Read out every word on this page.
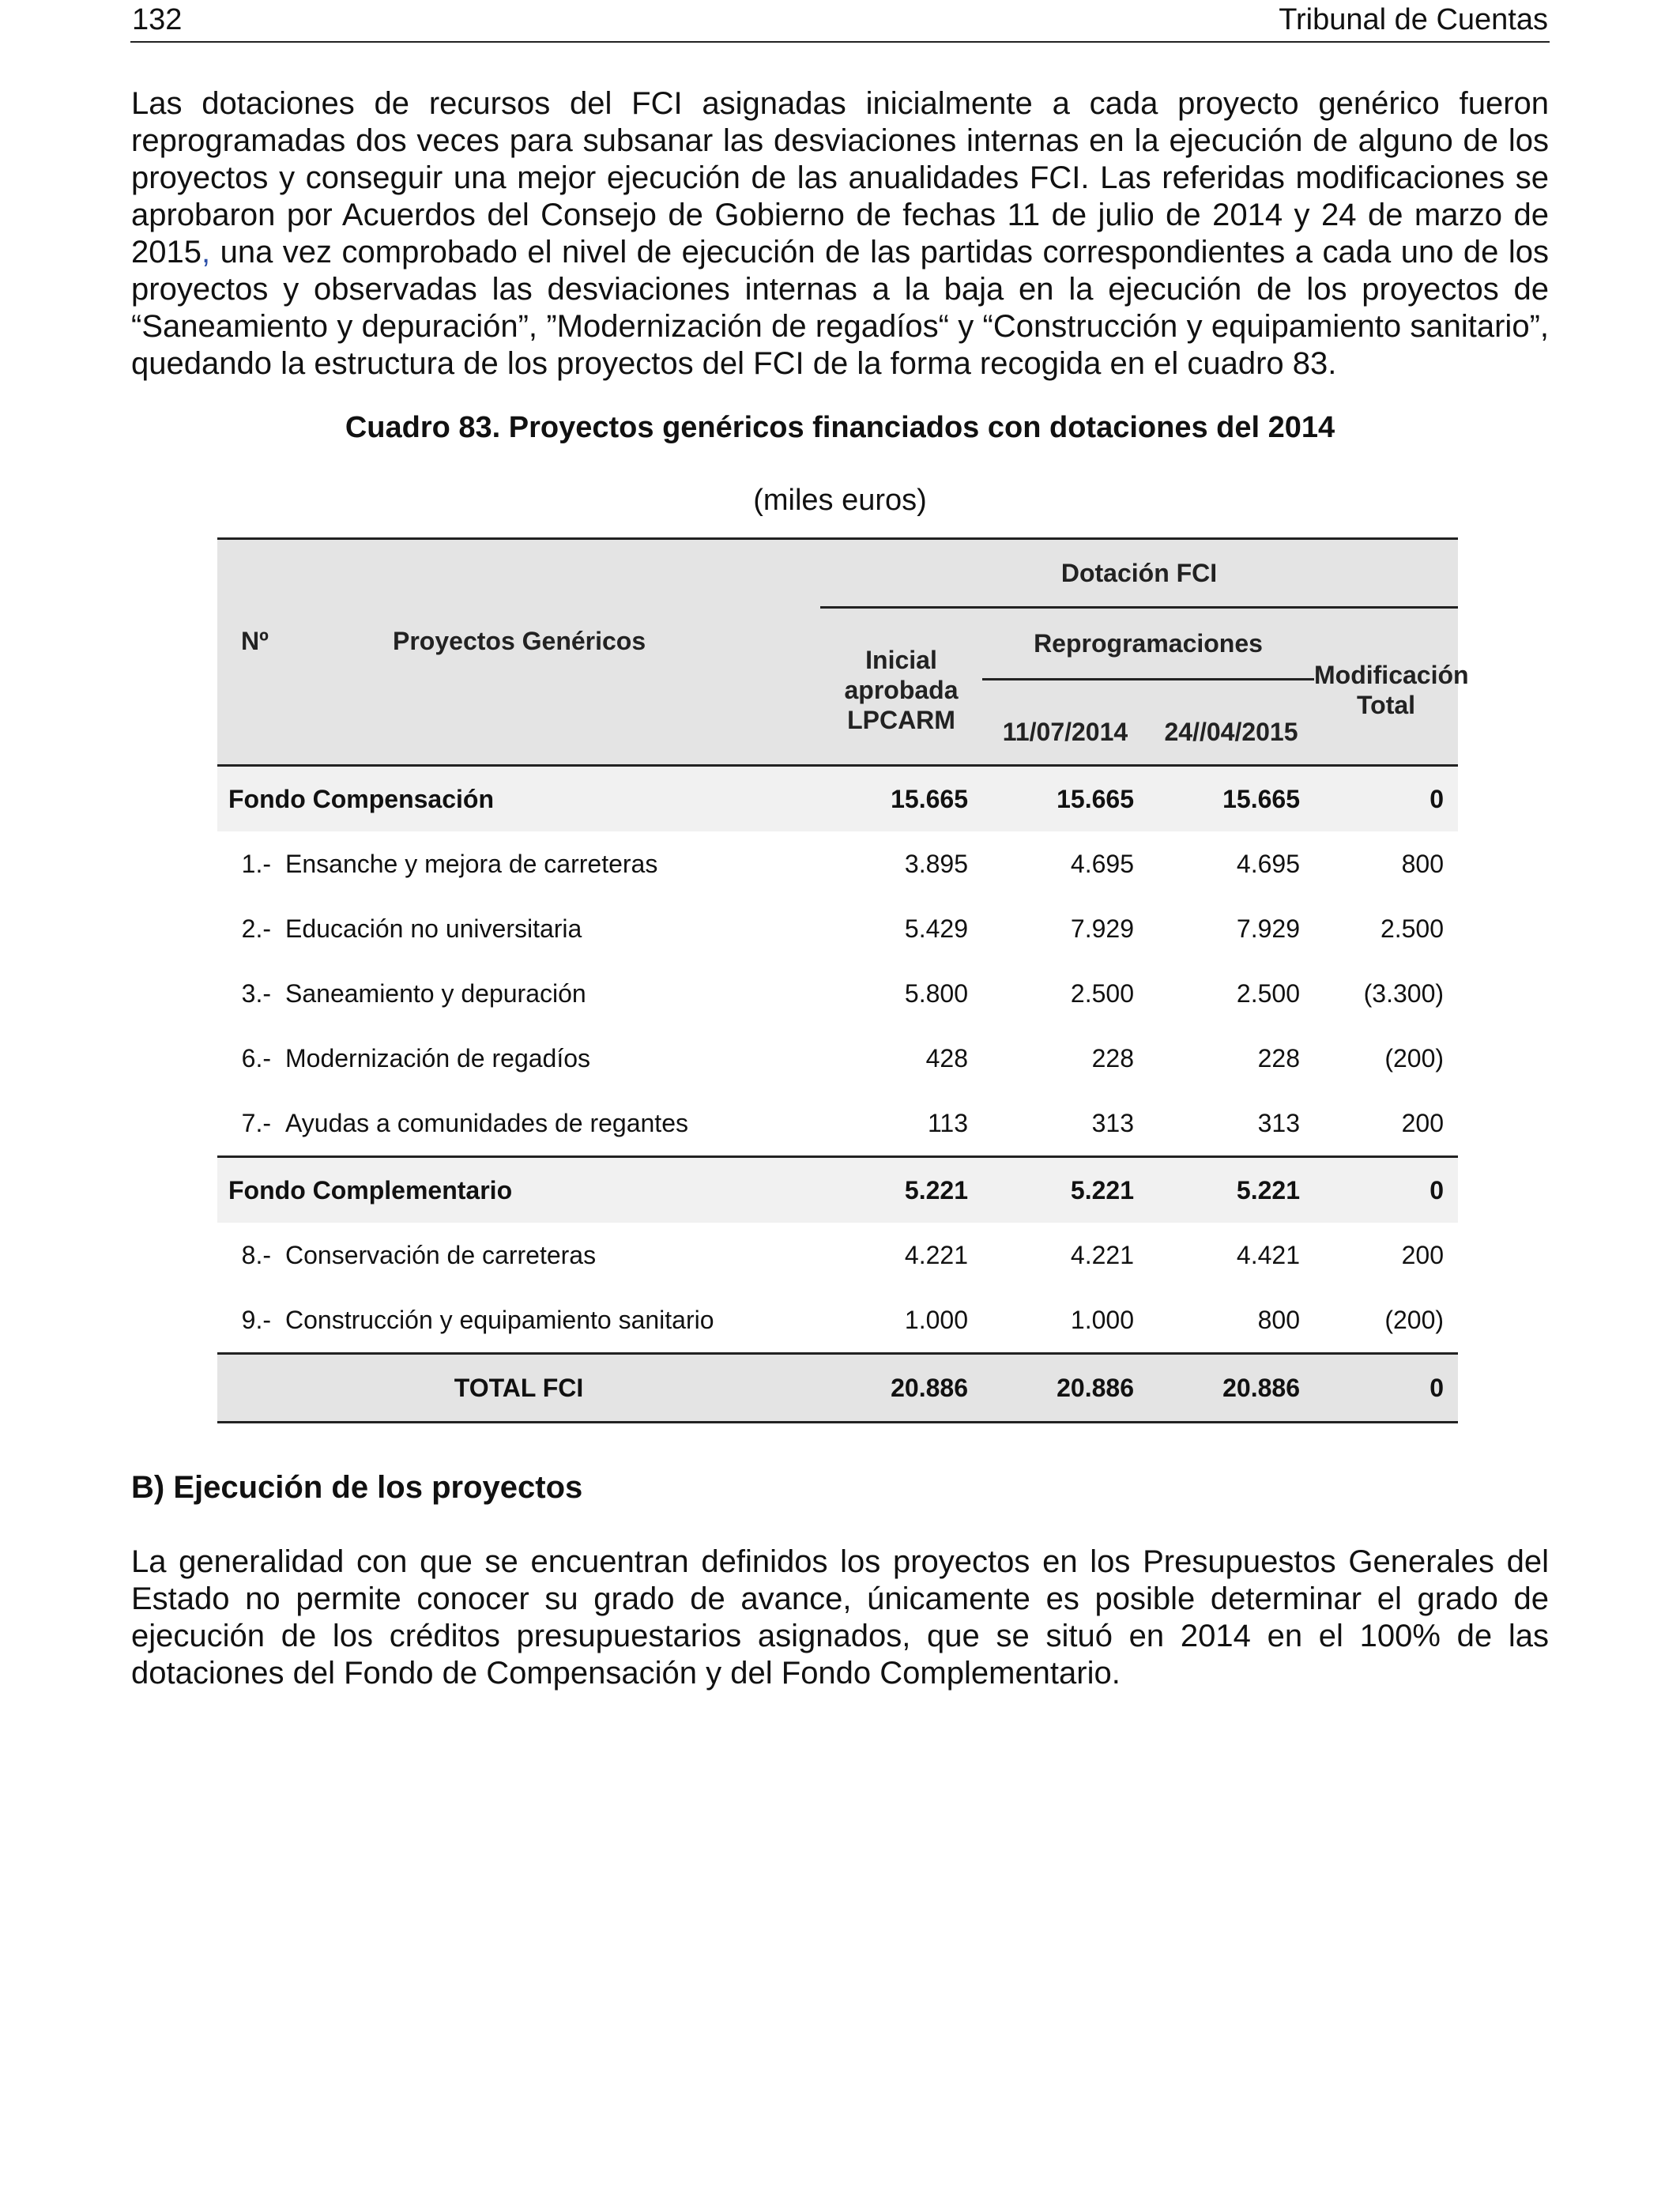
132	Tribunal de Cuentas

Las dotaciones de recursos del FCI asignadas inicialmente a cada proyecto genérico fueron reprogramadas dos veces para subsanar las desviaciones internas en la ejecución de alguno de los proyectos y conseguir una mejor ejecución de las anualidades FCI. Las referidas modificaciones se aprobaron por Acuerdos del Consejo de Gobierno de fechas 11 de julio de 2014 y 24 de marzo de 2015, una vez comprobado el nivel de ejecución de las partidas correspondientes a cada uno de los proyectos y observadas las desviaciones internas a la baja en la ejecución de los proyectos de “Saneamiento y depuración”, ”Modernización de regadíos“ y “Construcción y equipamiento sanitario”, quedando la estructura de los proyectos del FCI de la forma recogida en el cuadro 83.

Cuadro 83. Proyectos genéricos financiados con dotaciones del 2014
(miles euros)
Nº Proyectos Genéricos		Dotación FCI			
		Inicial aprobada LPCARM	Reprogramaciones		Modificación Total
			11/07/2014	24//04/2015	
Fondo Compensación		15.665	15.665	15.665	0
1.-	Ensanche y mejora de carreteras	3.895	4.695	4.695	800
2.-	Educación no universitaria	5.429	7.929	7.929	2.500
3.-	Saneamiento y depuración	5.800	2.500	2.500	(3.300)
6.-	Modernización de regadíos	428	228	228	(200)
7.-	Ayudas a comunidades de regantes	113	313	313	200
Fondo Complementario		5.221	5.221	5.221	0
8.-	Conservación de carreteras	4.221	4.221	4.421	200
9.-	Construcción y equipamiento sanitario	1.000	1.000	800	(200)
TOTAL FCI		20.886	20.886	20.886	0
B) Ejecución de los proyectos

La generalidad con que se encuentran definidos los proyectos en los Presupuestos Generales del Estado no permite conocer su grado de avance, únicamente es posible determinar el grado de ejecución de los créditos presupuestarios asignados, que se situó en 2014 en el 100% de las dotaciones del Fondo de Compensación y del Fondo Complementario.
